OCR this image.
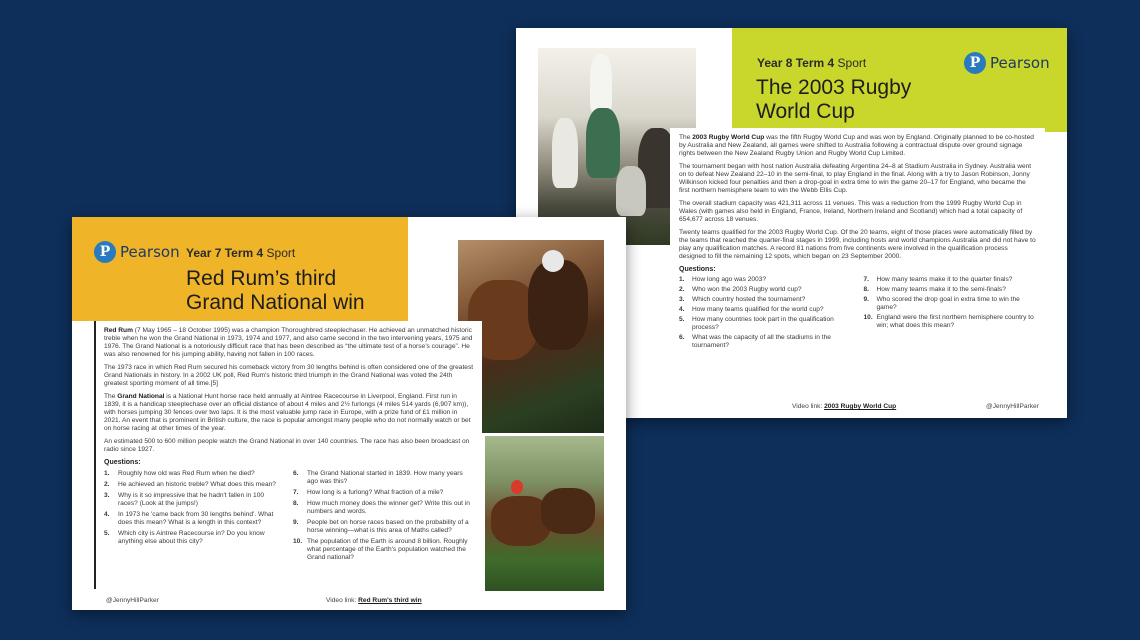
Year 8 Term 4 Sport
The 2003 Rugby World Cup
P Pearson

The 2003 Rugby World Cup was the fifth Rugby World Cup and was won by England. Originally planned to be co-hosted by Australia and New Zealand, all games were shifted to Australia following a contractual dispute over ground signage rights between the New Zealand Rugby Union and Rugby World Cup Limited.

The tournament began with host nation Australia defeating Argentina 24–8 at Stadium Australia in Sydney. Australia went on to defeat New Zealand 22–10 in the semi-final, to play England in the final. Along with a try to Jason Robinson, Jonny Wilkinson kicked four penalties and then a drop-goal in extra time to win the game 20–17 for England, who became the first northern hemisphere team to win the Webb Ellis Cup.

The overall stadium capacity was 421,311 across 11 venues. This was a reduction from the 1999 Rugby World Cup in Wales (with games also held in England, France, Ireland, Northern Ireland and Scotland) which had a total capacity of 654,677 across 18 venues.

Twenty teams qualified for the 2003 Rugby World Cup. Of the 20 teams, eight of those places were automatically filled by the teams that reached the quarter-final stages in 1999, including hosts and world champions Australia and did not have to play any qualification matches. A record 81 nations from five continents were involved in the qualification process designed to fill the remaining 12 spots, which began on 23 September 2000.

Questions:
1.	How long ago was 2003?
2.	Who won the 2003 Rugby world cup?
3.	Which country hosted the tournament?
4.	How many teams qualified for the world cup?
5.	How many countries took part in the qualification process?
6.	What was the capacity of all the stadiums in the tournament?
7.	How many teams make it to the quarter finals?
8.	How many teams make it to the semi-finals?
9.	Who scored the drop goal in extra time to win the game?
10. England were the first northern hemisphere country to win; what does this mean?
Video link: 2003 Rugby World Cup	@JennyHillParker
Year 7 Term 4 Sport
Red Rum’s third Grand National win
P Pearson

Red Rum (7 May 1965 – 18 October 1995) was a champion Thoroughbred steeplechaser. He achieved an unmatched historic treble when he won the Grand National in 1973, 1974 and 1977, and also came second in the two intervening years, 1975 and 1976. The Grand National is a notoriously difficult race that has been described as “the ultimate test of a horse’s courage”. He was also renowned for his jumping ability, having not fallen in 100 races.

The 1973 race in which Red Rum secured his comeback victory from 30 lengths behind is often considered one of the greatest Grand Nationals in history. In a 2002 UK poll, Red Rum's historic third triumph in the Grand National was voted the 24th greatest sporting moment of all time.[5]

The Grand National is a National Hunt horse race held annually at Aintree Racecourse in Liverpool, England. First run in 1839, it is a handicap steeplechase over an official distance of about 4 miles and 2½ furlongs (4 miles 514 yards (6,907 km)), with horses jumping 30 fences over two laps. It is the most valuable jump race in Europe, with a prize fund of £1 million in 2021. An event that is prominent in British culture, the race is popular amongst many people who do not normally watch or bet on horse racing at other times of the year.

An estimated 500 to 600 million people watch the Grand National in over 140 countries. The race has also been broadcast on radio since 1927.

Questions:
1.	Roughly how old was Red Rum when he died?
2.	He achieved an historic treble? What does this mean?
3.	Why is it so impressive that he hadn't fallen in 100 races? (Look at the jumps!)
4.	In 1973 he 'came back from 30 lengths behind'. What does this mean? What is a length in this context?
5.	Which city is Aintree Racecourse in? Do you know anything else about this city?
6.	The Grand National started in 1839. How many years ago was this?
7.	How long is a furlong? What fraction of a mile?
8.	How much money does the winner get? Write this out in numbers and words.
9.	People bet on horse races based on the probability of a horse winning—what is this area of Maths called?
10. The population of the Earth is around 8 billion. Roughly what percentage of the Earth's population watched the Grand national?
@JennyHillParker	Video link: Red Rum's third win
